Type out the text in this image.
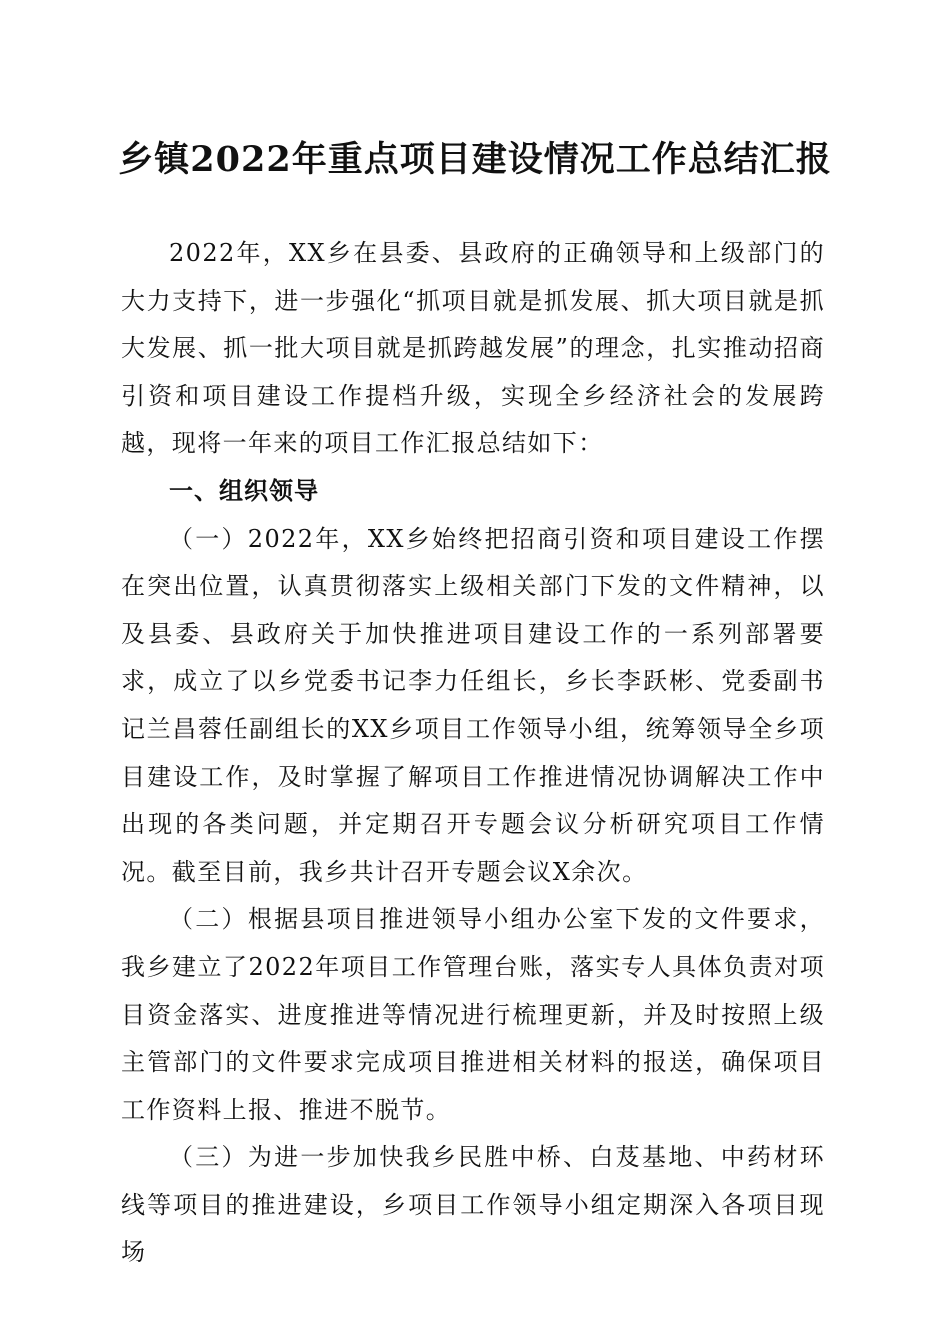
乡镇2022年重点项目建设情况工作总结汇报

2022年，XX乡在县委、县政府的正确领导和上级部门的大力支持下，进一步强化“抓项目就是抓发展、抓大项目就是抓大发展、抓一批大项目就是抓跨越发展”的理念，扎实推动招商引资和项目建设工作提档升级，实现全乡经济社会的发展跨越，现将一年来的项目工作汇报总结如下：

一、组织领导

（一）2022年，XX乡始终把招商引资和项目建设工作摆在突出位置，认真贯彻落实上级相关部门下发的文件精神，以及县委、县政府关于加快推进项目建设工作的一系列部署要求，成立了以乡党委书记李力任组长，乡长李跃彬、党委副书记兰昌蓉任副组长的XX乡项目工作领导小组，统筹领导全乡项目建设工作，及时掌握了解项目工作推进情况协调解决工作中出现的各类问题，并定期召开专题会议分析研究项目工作情况。截至目前，我乡共计召开专题会议X余次。

（二）根据县项目推进领导小组办公室下发的文件要求，我乡建立了2022年项目工作管理台账，落实专人具体负责对项目资金落实、进度推进等情况进行梳理更新，并及时按照上级主管部门的文件要求完成项目推进相关材料的报送，确保项目工作资料上报、推进不脱节。

（三）为进一步加快我乡民胜中桥、白芨基地、中药材环线等项目的推进建设，乡项目工作领导小组定期深入各项目现场
